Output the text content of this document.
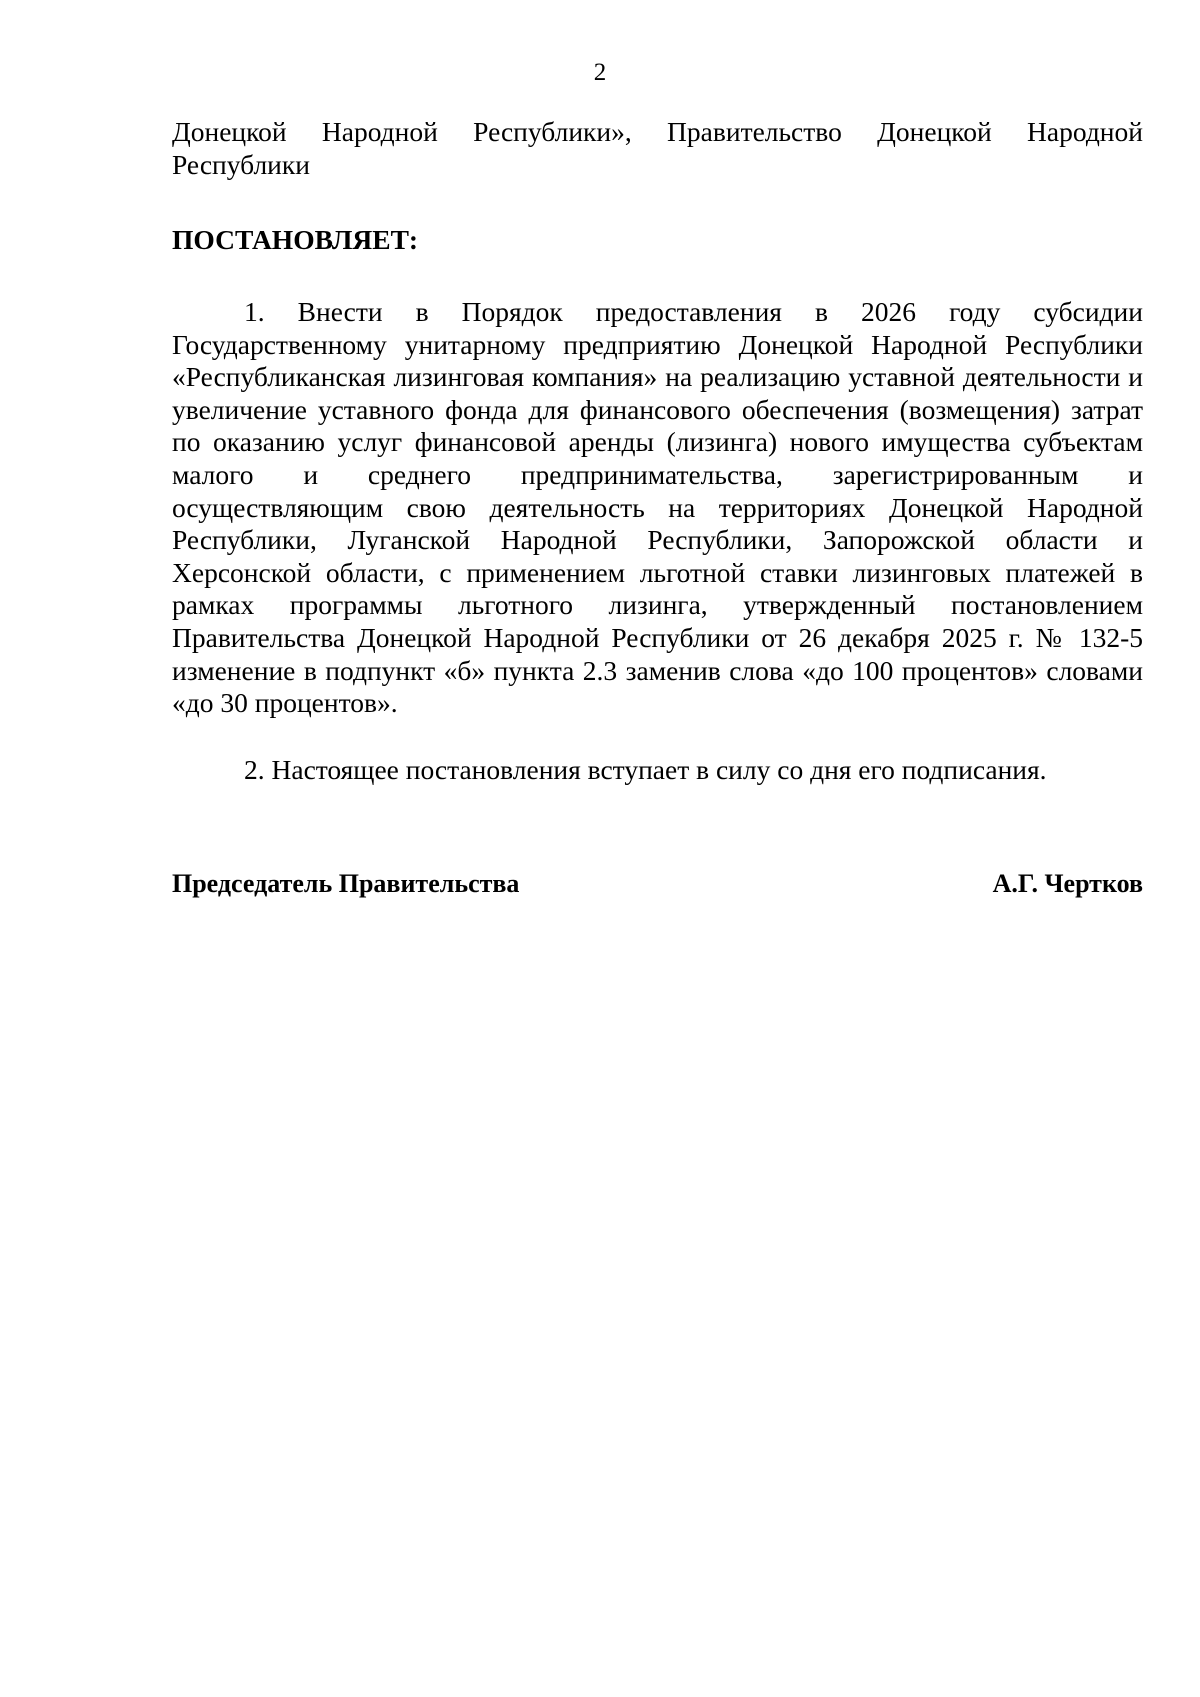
2
Донецкой Народной Республики», Правительство Донецкой Народной Республики
ПОСТАНОВЛЯЕТ:
1. Внести в Порядок предоставления в 2026 году субсидии Государственному унитарному предприятию Донецкой Народной Республики «Республиканская лизинговая компания» на реализацию уставной деятельности и увеличение уставного фонда для финансового обеспечения (возмещения) затрат по оказанию услуг финансовой аренды (лизинга) нового имущества субъектам малого и среднего предпринимательства, зарегистрированным и осуществляющим свою деятельность на территориях Донецкой Народной Республики, Луганской Народной Республики, Запорожской области и Херсонской области, с применением льготной ставки лизинговых платежей в рамках программы льготного лизинга, утвержденный постановлением Правительства Донецкой Народной Республики от 26 декабря 2025 г. № 132-5 изменение в подпункт «б» пункта 2.3 заменив слова «до 100 процентов» словами «до 30 процентов».
2. Настоящее постановления вступает в силу со дня его подписания.
Председатель Правительства	А.Г. Чертков
